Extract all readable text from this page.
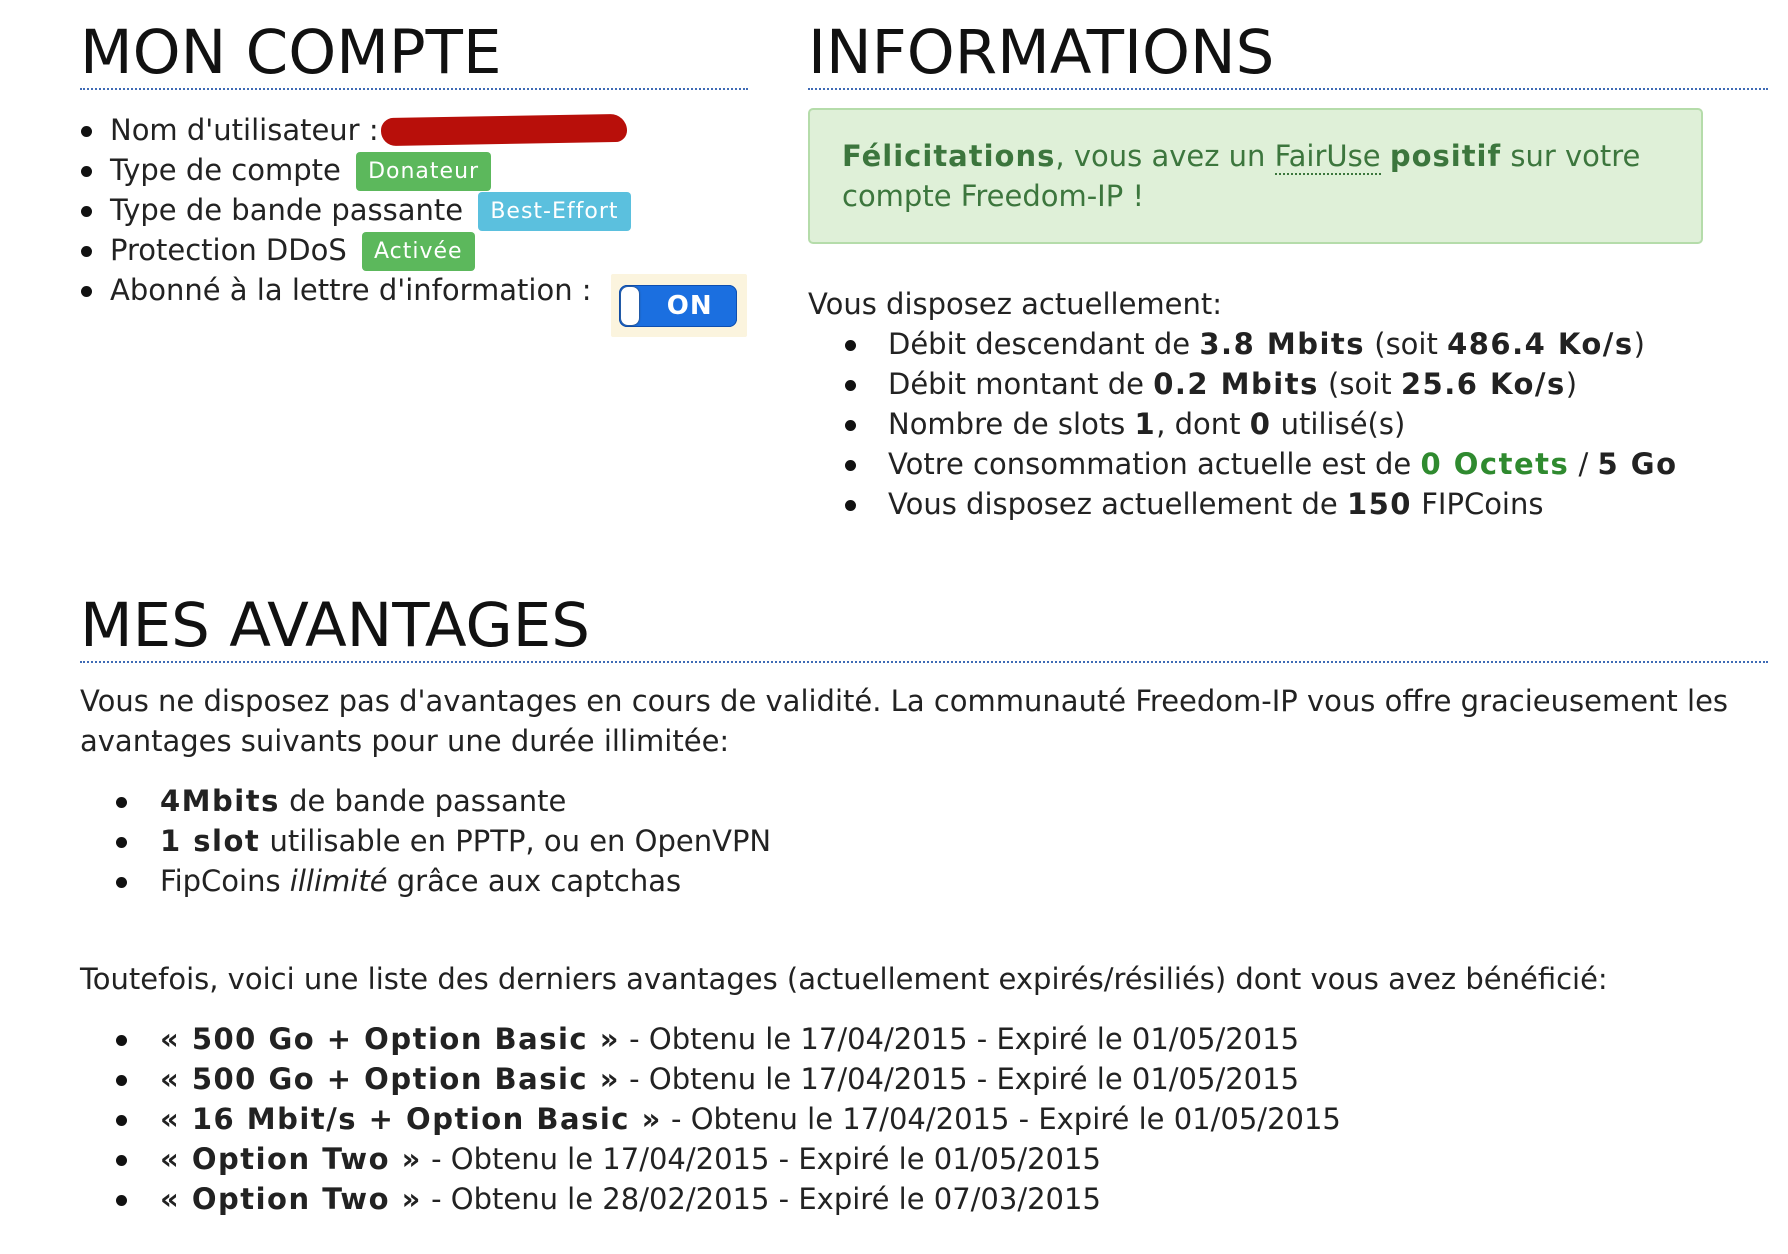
MON COMPTE
Nom d'utilisateur :
Type de compte Donateur
Type de bande passante Best-Effort
Protection DDoS Activée
Abonné à la lettre d'information :	ON
INFORMATIONS
Félicitations, vous avez un FairUse positif sur votre compte Freedom-IP !
Vous disposez actuellement:
Débit descendant de 3.8 Mbits (soit 486.4 Ko/s)
Débit montant de 0.2 Mbits (soit 25.6 Ko/s)
Nombre de slots 1, dont 0 utilisé(s)
Votre consommation actuelle est de 0 Octets / 5 Go
Vous disposez actuellement de 150 FIPCoins
MES AVANTAGES

Vous ne disposez pas d'avantages en cours de validité. La communauté Freedom-IP vous offre gracieusement les avantages suivants pour une durée illimitée:

4Mbits de bande passante
1 slot utilisable en PPTP, ou en OpenVPN
FipCoins illimité grâce aux captchas

Toutefois, voici une liste des derniers avantages (actuellement expirés/résiliés) dont vous avez bénéficié:

« 500 Go + Option Basic » - Obtenu le 17/04/2015 - Expiré le 01/05/2015
« 500 Go + Option Basic » - Obtenu le 17/04/2015 - Expiré le 01/05/2015
« 16 Mbit/s + Option Basic » - Obtenu le 17/04/2015 - Expiré le 01/05/2015
« Option Two » - Obtenu le 17/04/2015 - Expiré le 01/05/2015
« Option Two » - Obtenu le 28/02/2015 - Expiré le 07/03/2015
